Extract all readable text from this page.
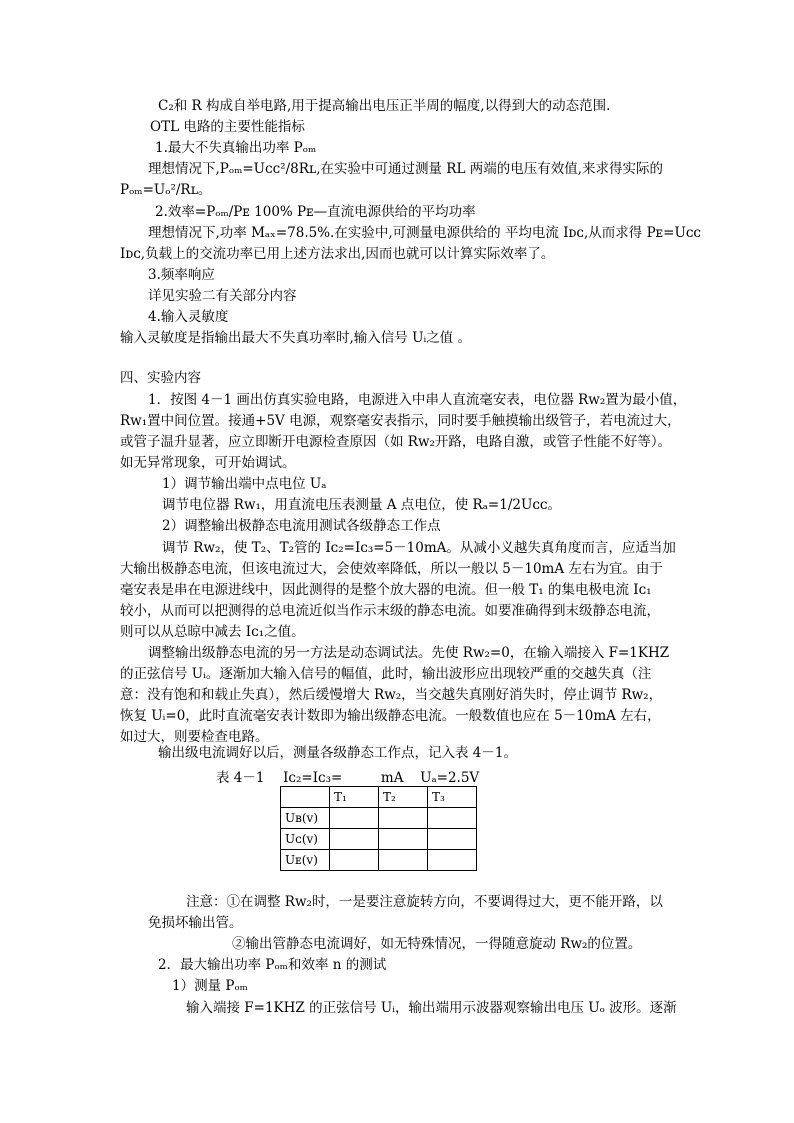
C₂和 R 构成自举电路,用于提高输出电压正半周的幅度,以得到大的动态范围.
OTL 电路的主要性能指标
1.最大不失真输出功率 Pₒₘ
理想情况下,Pₒₘ=Uᴄᴄ²/8Rʟ,在实验中可通过测量 RL 两端的电压有效值,来求得实际的
Pₒₘ=Uₒ²/Rʟ。
2.效率=Pₒₘ/Pᴇ 100% Pᴇ—直流电源供给的平均功率
理想情况下,功率 Mₐₓ=78.5%.在实验中,可测量电源供给的 平均电流 Iᴅᴄ,从而求得 Pᴇ=Uᴄᴄ
Iᴅᴄ,负载上的交流功率已用上述方法求出,因而也就可以计算实际效率了。
3.频率响应
详见实验二有关部分内容
4.输入灵敏度
输入灵敏度是指输出最大不失真功率时,输入信号 Uᵢ之值 。
四、实验内容
1．按图 4－1 画出仿真实验电路，电源进入中串人直流毫安表，电位器 Rᴡ₂置为最小值，
Rᴡ₁置中间位置。接通+5V 电源，观察毫安表指示，同时要手触摸输出级管子，若电流过大，
或管子温升显著，应立即断开电源检查原因（如 Rᴡ₂开路，电路自激，或管子性能不好等）。
如无异常现象，可开始调试。
1）调节输出端中点电位 Uₐ
调节电位器 Rᴡ₁，用直流电压表测量 A 点电位，使 Rₐ=1/2Uᴄᴄ。
2）调整输出极静态电流用测试各级静态工作点
调节 Rᴡ₂，使 T₂、T₂管的 Iᴄ₂=Iᴄ₃=5－10mA。从减小义越失真角度而言，应适当加
大输出极静态电流，但该电流过大，会使效率降低，所以一般以 5－10mA 左右为宜。由于
毫安表是串在电源进线中，因此测得的是整个放大器的电流。但一般 T₁ 的集电极电流 Iᴄ₁
较小，从而可以把测得的总电流近似当作示末级的静态电流。如要准确得到末级静态电流，
则可以从总晾中减去 Iᴄ₁之值。
调整输出级静态电流的另一方法是动态调试法。先使 Rᴡ₂=0，在输入端接入 F=1KHZ
的正弦信号 Uᵢ。逐渐加大输入信号的幅值，此时，输出波形应出现较严重的交越失真（注
意：没有饱和和载止失真），然后缓慢增大 Rᴡ₂，当交越失真刚好消失时，停止调节 Rᴡ₂，
恢复 Uᵢ=0，此时直流毫安表计数即为输出级静态电流。一般数值也应在 5－10mA 左右，
如过大，则要检查电路。
输出级电流调好以后，测量各级静态工作点，记入表 4－1。
表 4－1 Iᴄ₂=Iᴄ₃=	mA Uₐ=2.5V
	T₁	T₂	T₃
Uʙ(v)			
Uᴄ(v)			
Uᴇ(v)			
注意：①在调整 Rᴡ₂时，一是要注意旋转方向，不要调得过大，更不能开路，以
免损坏输出管。
②输出管静态电流调好，如无特殊情况，一得随意旋动 Rᴡ₂的位置。
2．最大输出功率 Pₒₘ和效率 n 的测试
1）测量 Pₒₘ
输入端接 F=1KHZ 的正弦信号 Uᵢ，输出端用示波器观察输出电压 Uₒ 波形。逐渐
